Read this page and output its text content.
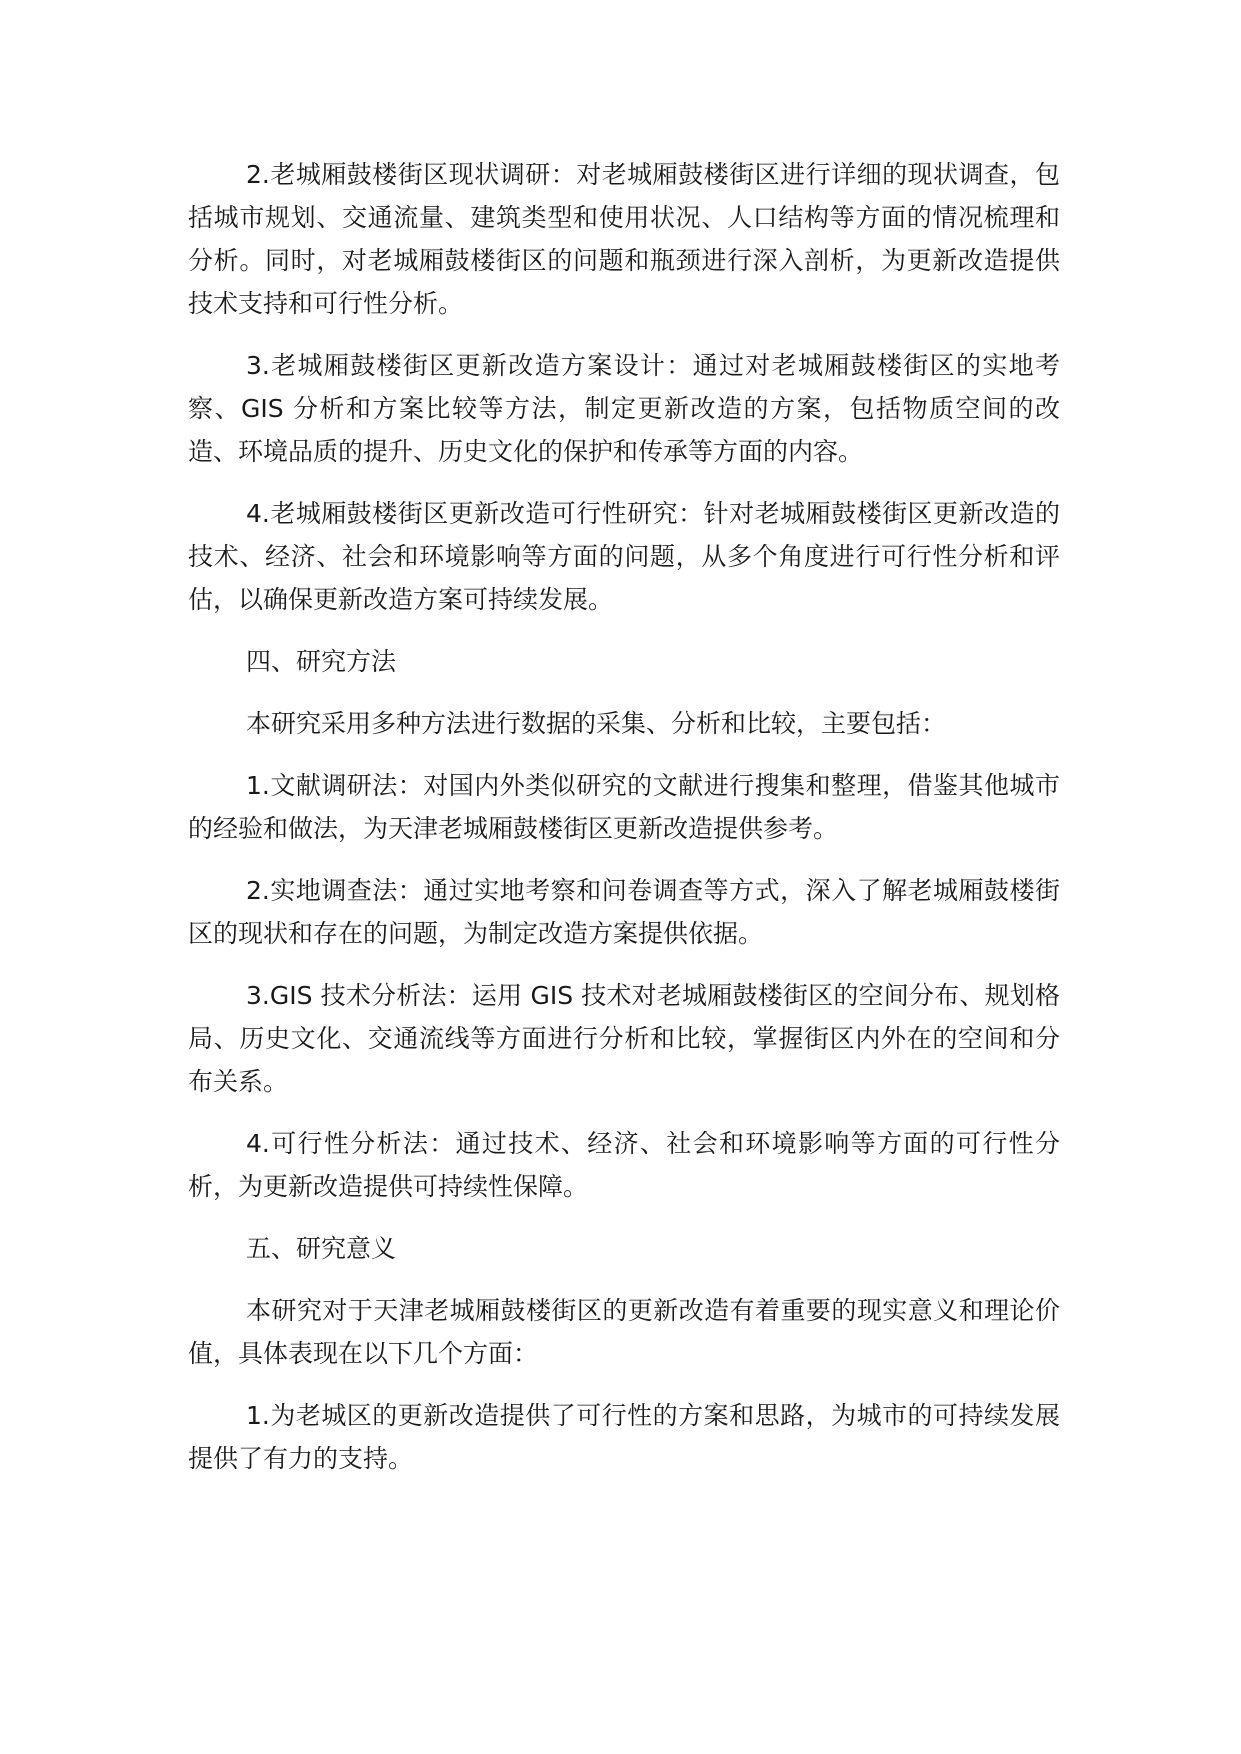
2.老城厢鼓楼街区现状调研：对老城厢鼓楼街区进行详细的现状调查，包括城市规划、交通流量、建筑类型和使用状况、人口结构等方面的情况梳理和分析。同时，对老城厢鼓楼街区的问题和瓶颈进行深入剖析，为更新改造提供技术支持和可行性分析。

3.老城厢鼓楼街区更新改造方案设计：通过对老城厢鼓楼街区的实地考察、GIS 分析和方案比较等方法，制定更新改造的方案，包括物质空间的改造、环境品质的提升、历史文化的保护和传承等方面的内容。

4.老城厢鼓楼街区更新改造可行性研究：针对老城厢鼓楼街区更新改造的技术、经济、社会和环境影响等方面的问题，从多个角度进行可行性分析和评估，以确保更新改造方案可持续发展。

四、研究方法

本研究采用多种方法进行数据的采集、分析和比较，主要包括：

1.文献调研法：对国内外类似研究的文献进行搜集和整理，借鉴其他城市的经验和做法，为天津老城厢鼓楼街区更新改造提供参考。

2.实地调查法：通过实地考察和问卷调查等方式，深入了解老城厢鼓楼街区的现状和存在的问题，为制定改造方案提供依据。

3.GIS 技术分析法：运用 GIS 技术对老城厢鼓楼街区的空间分布、规划格局、历史文化、交通流线等方面进行分析和比较，掌握街区内外在的空间和分布关系。

4.可行性分析法：通过技术、经济、社会和环境影响等方面的可行性分析，为更新改造提供可持续性保障。

五、研究意义

本研究对于天津老城厢鼓楼街区的更新改造有着重要的现实意义和理论价值，具体表现在以下几个方面：

1.为老城区的更新改造提供了可行性的方案和思路，为城市的可持续发展提供了有力的支持。
